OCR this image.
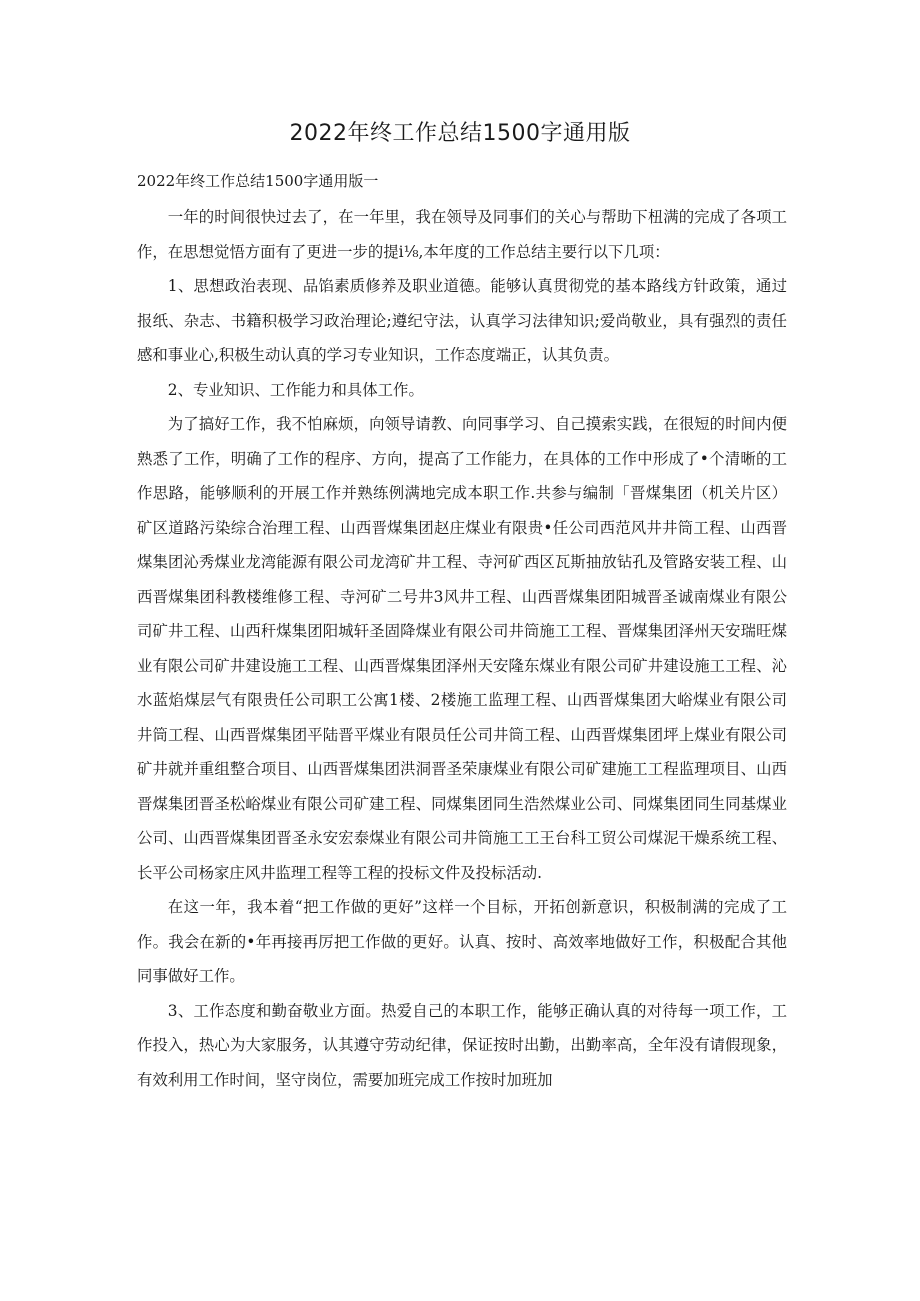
2022年终工作总结1500字通用版

2022年终工作总结1500字通用版一

一年的时间很快过去了，在一年里，我在领导及同事们的关心与帮助下杻满的完成了各项工作，在思想觉悟方面有了更进一步的提i⅛,本年度的工作总结主要行以下几项：

1、思想政治表现、品馅素质修养及职业道德。能够认真贯彻党的基本路线方针政策，通过报纸、杂志、书籍积极学习政治理论;遵纪守法，认真学习法律知识;爱尚敬业，具有强烈的责任感和事业心,积极生动认真的学习专业知识，工作态度端正，认其负责。

2、专业知识、工作能力和具体工作。

为了搞好工作，我不怕麻烦，向领导请教、向同事学习、自己摸索实践，在很短的时间内便熟悉了工作，明确了工作的程序、方向，提高了工作能力，在具体的工作中形成了•个清晰的工作思路，能够顺利的开展工作并熟练例满地完成本职工作.共参与编制「晋煤集团（机关片区）矿区道路污染综合治理工程、山西晋煤集团赵庄煤业有限贵•任公司西范风井井筒工程、山西晋煤集团沁秀煤业龙湾能源有限公司龙湾矿井工程、寺河矿西区瓦斯抽放钻孔及管路安装工程、山西晋煤集团科教楼维修工程、寺河矿二号井3风井工程、山西晋煤集团阳城晋圣诚南煤业有限公司矿井工程、山西秆煤集团阳城轩圣固降煤业有限公司井筒施工工程、晋煤集团泽州天安瑞旺煤业有限公司矿井建设施工工程、山西晋煤集团泽州天安隆东煤业有限公司矿井建设施工工程、沁水蓝焰煤层气有限贵任公司职工公寓1楼、2楼施工监理工程、山西晋煤集团大峪煤业有限公司井筒工程、山西晋煤集团平陆晋平煤业有限员任公司井筒工程、山西晋煤集团坪上煤业有限公司矿井就并重组整合项目、山西晋煤集团洪洞晋圣荣康煤业有限公司矿建施工工程监理项目、山西晋煤集团晋圣松峪煤业有限公司矿建工程、同煤集团同生浩然煤业公司、同煤集团同生同基煤业公司、山西晋煤集团晋圣永安宏泰煤业有限公司井筒施工工王台科工贸公司煤泥干燥系统工程、长平公司杨家庄风井监理工程等工程的投标文件及投标活动.

在这一年，我本着“把工作做的更好”这样一个目标，开拓创新意识，积极制满的完成了工作。我会在新的•年再接再厉把工作做的更好。认真、按时、高效率地做好工作，积极配合其他同事做好工作。

3、工作态度和勤奋敬业方面。热爱自己的本职工作，能够正确认真的对待每一项工作，工作投入，热心为大家服务，认其遵守劳动纪律，保证按时出勤，出勤率高，全年没有请假现象，有效利用工作时间，坚守岗位，需要加班完成工作按时加班加
